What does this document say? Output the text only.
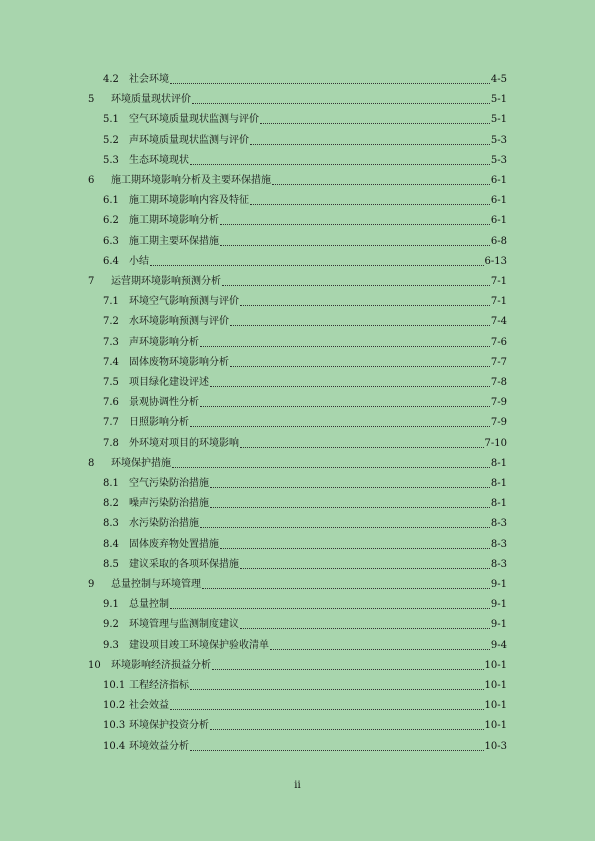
4.2 社会环境	4-5
5 环境质量现状评价	5-1
5.1 空气环境质量现状监测与评价	5-1
5.2 声环境质量现状监测与评价	5-3
5.3 生态环境现状	5-3
6 施工期环境影响分析及主要环保措施	6-1
6.1 施工期环境影响内容及特征	6-1
6.2 施工期环境影响分析	6-1
6.3 施工期主要环保措施	6-8
6.4 小结	6-13
7 运营期环境影响预测分析	7-1
7.1 环境空气影响预测与评价	7-1
7.2 水环境影响预测与评价	7-4
7.3 声环境影响分析	7-6
7.4 固体废物环境影响分析	7-7
7.5 项目绿化建设评述	7-8
7.6 景观协调性分析	7-9
7.7 日照影响分析	7-9
7.8 外环境对项目的环境影响	7-10
8 环境保护措施	8-1
8.1 空气污染防治措施	8-1
8.2 噪声污染防治措施	8-1
8.3 水污染防治措施	8-3
8.4 固体废弃物处置措施	8-3
8.5 建议采取的各项环保措施	8-3
9 总量控制与环境管理	9-1
9.1 总量控制	9-1
9.2 环境管理与监测制度建议	9-1
9.3 建设项目竣工环境保护验收清单	9-4
10 环境影响经济损益分析	10-1
10.1 工程经济指标	10-1
10.2 社会效益	10-1
10.3 环境保护投资分析	10-1
10.4 环境效益分析	10-3
ii
